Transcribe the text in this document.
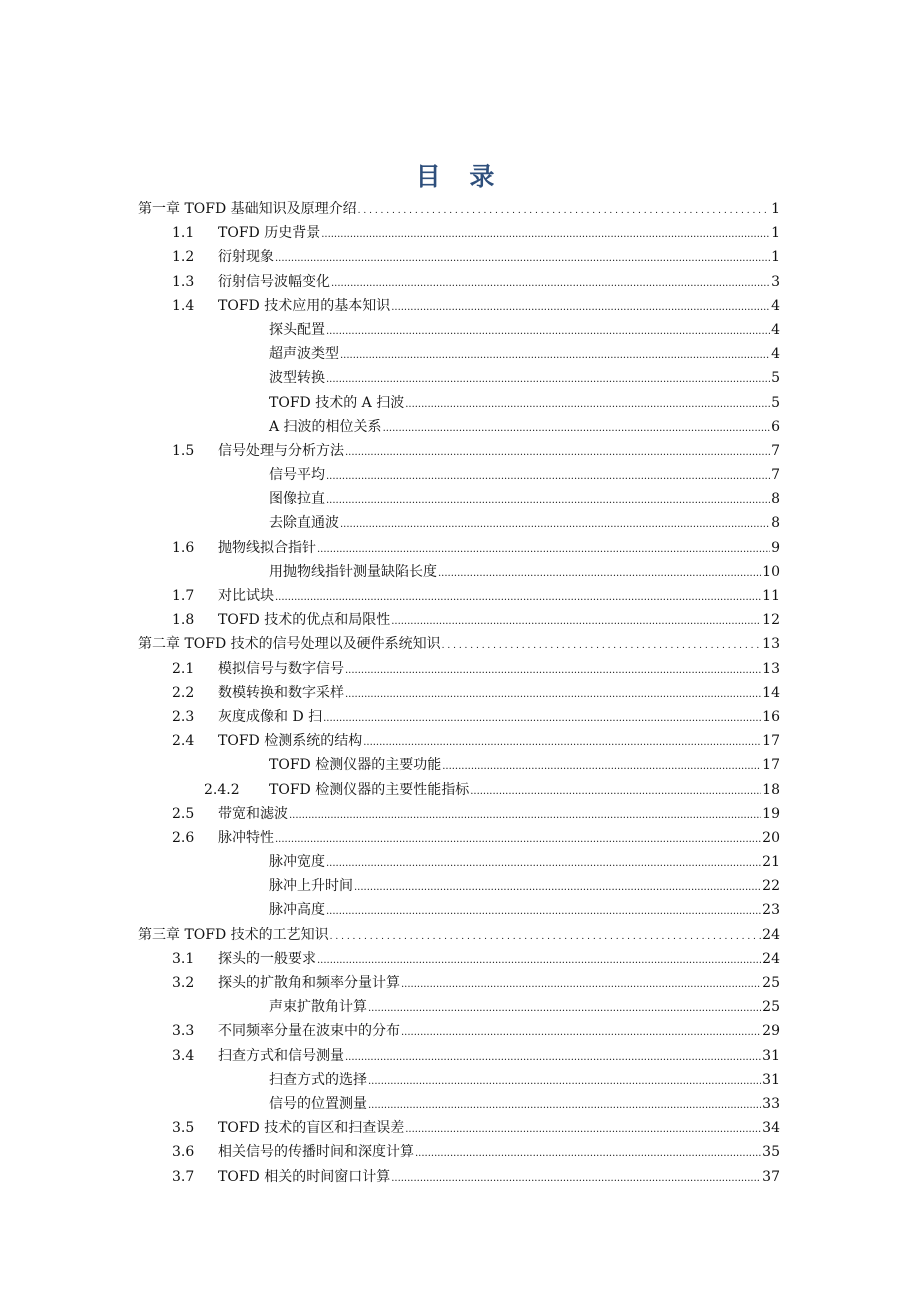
目 录
第一章 TOFD 基础知识及原理介绍 . . .	1
1.1	TOFD 历史背景 .....	1
1.2	衍射现象 .....	1
1.3	衍射信号波幅变化 .....	3
1.4	TOFD 技术应用的基本知识 .....	4
探头配置 .....	4
超声波类型 .....	4
波型转换 .....	5
TOFD 技术的 A 扫波 .....	5
A 扫波的相位关系 .....	6
1.5	信号处理与分析方法 .....	7
信号平均 .....	7
图像拉直 .....	8
去除直通波 .....	8
1.6	抛物线拟合指针 .....	9
用抛物线指针测量缺陷长度 .....	10
1.7	对比试块 .....	11
1.8	TOFD 技术的优点和局限性 .....	12
第二章 TOFD 技术的信号处理以及硬件系统知识 . . .	13
2.1	模拟信号与数字信号 .....	13
2.2	数模转换和数字采样 .....	14
2.3	灰度成像和 D 扫 .....	16
2.4	TOFD 检测系统的结构 .....	17
TOFD 检测仪器的主要功能 .....	17
2.4.2	TOFD 检测仪器的主要性能指标 .....	18
2.5	带宽和滤波 .....	19
2.6	脉冲特性 .....	20
脉冲宽度 .....	21
脉冲上升时间 .....	22
脉冲高度 .....	23
第三章 TOFD 技术的工艺知识 . . .	24
3.1	探头的一般要求 .....	24
3.2	探头的扩散角和频率分量计算 .....	25
声束扩散角计算 .....	25
3.3	不同频率分量在波束中的分布 .....	29
3.4	扫查方式和信号测量 .....	31
扫查方式的选择 .....	31
信号的位置测量 .....	33
3.5	TOFD 技术的盲区和扫查误差 .....	34
3.6	相关信号的传播时间和深度计算 .....	35
3.7	TOFD 相关的时间窗口计算 .....	37
